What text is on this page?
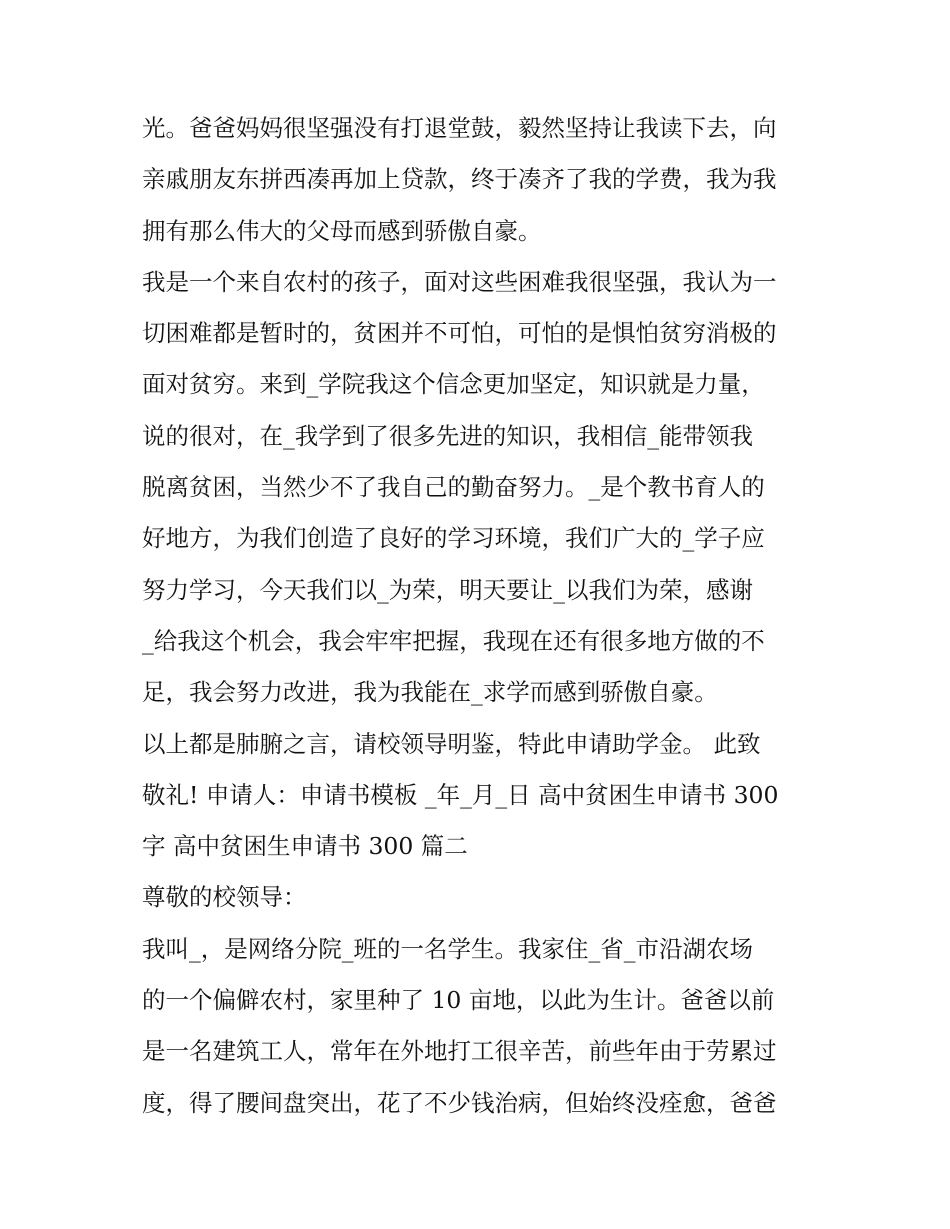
光。爸爸妈妈很坚强没有打退堂鼓，毅然坚持让我读下去，向
亲戚朋友东拼西凑再加上贷款，终于凑齐了我的学费，我为我
拥有那么伟大的父母而感到骄傲自豪。
我是一个来自农村的孩子，面对这些困难我很坚强，我认为一
切困难都是暂时的，贫困并不可怕，可怕的是惧怕贫穷消极的
面对贫穷。来到_学院我这个信念更加坚定，知识就是力量，
说的很对，在_我学到了很多先进的知识，我相信_能带领我
脱离贫困，当然少不了我自己的勤奋努力。_是个教书育人的
好地方，为我们创造了良好的学习环境，我们广大的_学子应
努力学习，今天我们以_为荣，明天要让_以我们为荣，感谢
_给我这个机会，我会牢牢把握，我现在还有很多地方做的不
足，我会努力改进，我为我能在_求学而感到骄傲自豪。
以上都是肺腑之言，请校领导明鉴，特此申请助学金。 此致
敬礼! 申请人：申请书模板 _年_月_日 高中贫困生申请书 300
字 高中贫困生申请书 300 篇二
尊敬的校领导：
我叫_，是网络分院_班的一名学生。我家住_省_市沿湖农场
的一个偏僻农村，家里种了 10 亩地，以此为生计。爸爸以前
是一名建筑工人，常年在外地打工很辛苦，前些年由于劳累过
度，得了腰间盘突出，花了不少钱治病，但始终没痊愈，爸爸
